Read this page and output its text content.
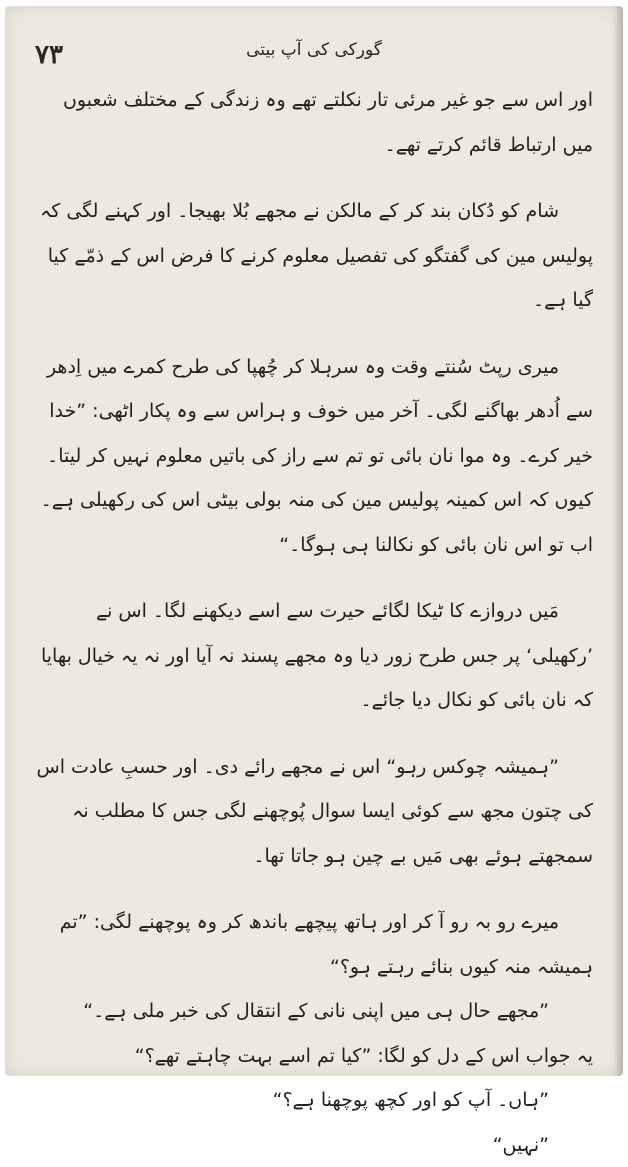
۷۳	گورکی کی آپ بیتی

اور اس سے جو غیر مرئی تار نکلتے تھے وہ زندگی کے مختلف شعبوں میں ارتباط قائم کرتے تھے۔

شام کو دُکان بند کر کے مالکن نے مجھے بُلا بھیجا۔ اور کہنے لگی کہ پولیس مین کی گفتگو کی تفصیل معلوم کرنے کا فرض اس کے ذمّے کیا گیا ہے۔

میری رپٹ سُنتے وقت وہ سرہلا کر چُھپا کی طرح کمرے میں اِدھر سے اُدھر بھاگنے لگی۔ آخر میں خوف و ہراس سے وہ پکار اٹھی: ”خدا خیر کرے۔ وہ موا نان بائی تو تم سے راز کی باتیں معلوم نہیں کر لیتا۔ کیوں کہ اس کمینہ پولیس مین کی منہ بولی بیٹی اس کی رکھیلی ہے۔ اب تو اس نان بائی کو نکالنا ہی ہوگا۔“

مَیں دروازے کا ٹیکا لگائے حیرت سے اسے دیکھنے لگا۔ اس نے ’رکھیلی‘ پر جس طرح زور دیا وہ مجھے پسند نہ آیا اور نہ یہ خیال بھایا کہ نان بائی کو نکال دیا جائے۔

”ہمیشہ چوکس رہو“ اس نے مجھے رائے دی۔ اور حسبِ عادت اس کی چتون مجھ سے کوئی ایسا سوال پُوچھنے لگی جس کا مطلب نہ سمجھتے ہوئے بھی مَیں بے چین ہو جاتا تھا۔

میرے رو بہ رو آ کر اور ہاتھ پیچھے باندھ کر وہ پوچھنے لگی: ”تم ہمیشہ منہ کیوں بنائے رہتے ہو؟“

”مجھے حال ہی میں اپنی نانی کے انتقال کی خبر ملی ہے۔“

یہ جواب اس کے دل کو لگا: ”کیا تم اسے بہت چاہتے تھے؟“

”ہاں۔ آپ کو اور کچھ پوچھنا ہے؟“

”نہیں“
